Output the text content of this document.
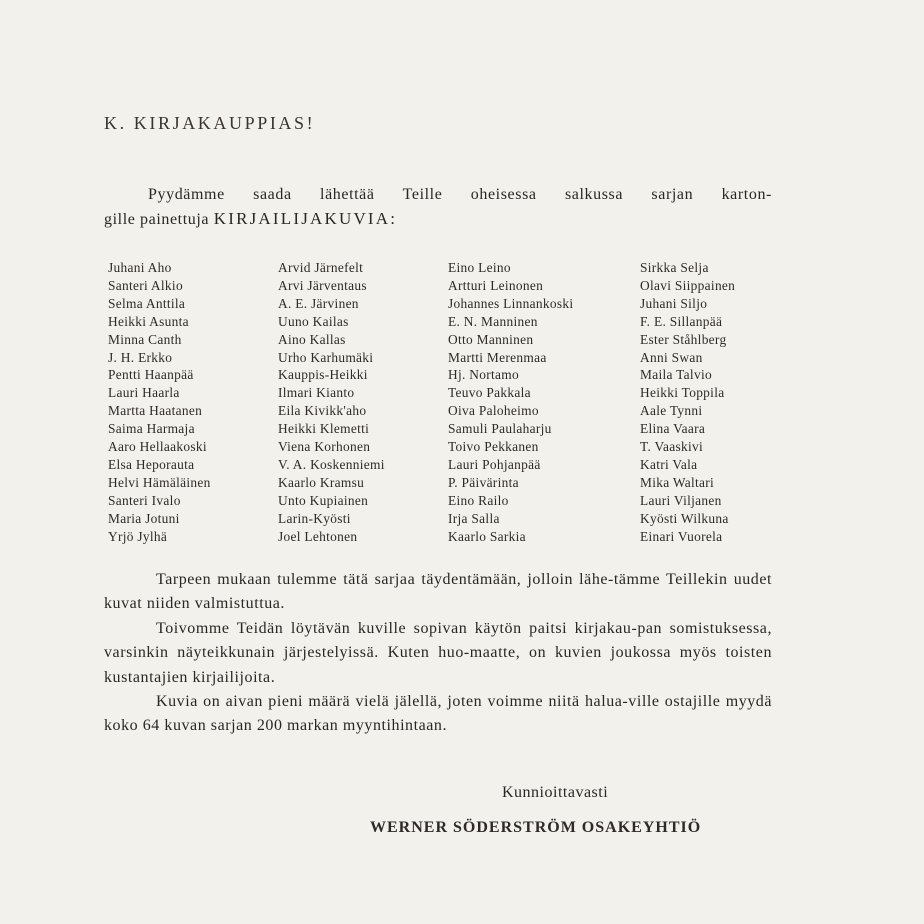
K. KIRJAKAUPPIAS!
Pyydämme saada lähettää Teille oheisessa salkussa sarjan karton-
gille painettuja KIRJAILIJAKUVIA:
Juhani Aho
Santeri Alkio
Selma Anttila
Heikki Asunta
Minna Canth
J. H. Erkko
Pentti Haanpää
Lauri Haarla
Martta Haatanen
Saima Harmaja
Aaro Hellaakoski
Elsa Heporauta
Helvi Hämäläinen
Santeri Ivalo
Maria Jotuni
Yrjö Jylhä
Arvid Järnefelt
Arvi Järventaus
A. E. Järvinen
Uuno Kailas
Aino Kallas
Urho Karhumäki
Kauppis-Heikki
Ilmari Kianto
Eila Kivikk'aho
Heikki Klemetti
Viena Korhonen
V. A. Koskenniemi
Kaarlo Kramsu
Unto Kupiainen
Larin-Kyösti
Joel Lehtonen
Eino Leino
Artturi Leinonen
Johannes Linnankoski
E. N. Manninen
Otto Manninen
Martti Merenmaa
Hj. Nortamo
Teuvo Pakkala
Oiva Paloheimo
Samuli Paulaharju
Toivo Pekkanen
Lauri Pohjanpää
P. Päivärinta
Eino Railo
Irja Salla
Kaarlo Sarkia
Sirkka Selja
Olavi Siippainen
Juhani Siljo
F. E. Sillanpää
Ester Ståhlberg
Anni Swan
Maila Talvio
Heikki Toppila
Aale Tynni
Elina Vaara
T. Vaaskivi
Katri Vala
Mika Waltari
Lauri Viljanen
Kyösti Wilkuna
Einari Vuorela

Tarpeen mukaan tulemme tätä sarjaa täydentämään, jolloin lähe-tämme Teillekin uudet kuvat niiden valmistuttua.

Toivomme Teidän löytävän kuville sopivan käytön paitsi kirjakau-pan somistuksessa, varsinkin näyteikkunain järjestelyissä. Kuten huo-maatte, on kuvien joukossa myös toisten kustantajien kirjailijoita.

Kuvia on aivan pieni määrä vielä jälellä, joten voimme niitä halua-ville ostajille myydä koko 64 kuvan sarjan 200 markan myyntihintaan.

Kunnioittavasti
WERNER SÖDERSTRÖM OSAKEYHTIÖ
